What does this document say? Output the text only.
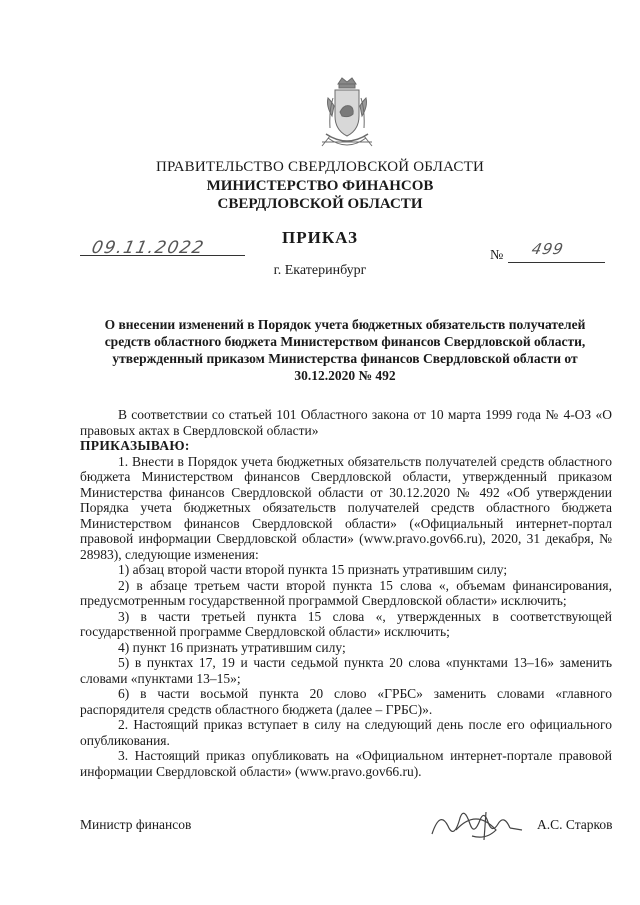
ПРАВИТЕЛЬСТВО СВЕРДЛОВСКОЙ ОБЛАСТИ
МИНИСТЕРСТВО ФИНАНСОВ
СВЕРДЛОВСКОЙ ОБЛАСТИ
ПРИКАЗ
09.11.2022	№ 499
г. Екатеринбург
О внесении изменений в Порядок учета бюджетных обязательств получателей средств областного бюджета Министерством финансов Свердловской области, утвержденный приказом Министерства финансов Свердловской области от 30.12.2020 № 492

В соответствии со статьей 101 Областного закона от 10 марта 1999 года № 4-ОЗ «О правовых актах в Свердловской области»

ПРИКАЗЫВАЮ:

1. Внести в Порядок учета бюджетных обязательств получателей средств областного бюджета Министерством финансов Свердловской области, утвержденный приказом Министерства финансов Свердловской области от 30.12.2020 № 492 «Об утверждении Порядка учета бюджетных обязательств получателей средств областного бюджета Министерством финансов Свердловской области» («Официальный интернет-портал правовой информации Свердловской области» (www.pravo.gov66.ru), 2020, 31 декабря, № 28983), следующие изменения:

1) абзац второй части второй пункта 15 признать утратившим силу;

2) в абзаце третьем части второй пункта 15 слова «, объемам финансирования, предусмотренным государственной программой Свердловской области» исключить;

3) в части третьей пункта 15 слова «, утвержденных в соответствующей государственной программе Свердловской области» исключить;

4) пункт 16 признать утратившим силу;

5) в пунктах 17, 19 и части седьмой пункта 20 слова «пунктами 13–16» заменить словами «пунктами 13–15»;

6) в части восьмой пункта 20 слово «ГРБС» заменить словами «главного распорядителя средств областного бюджета (далее – ГРБС)».

2. Настоящий приказ вступает в силу на следующий день после его официального опубликования.

3. Настоящий приказ опубликовать на «Официальном интернет-портале правовой информации Свердловской области» (www.pravo.gov66.ru).

Министр финансов	А.С. Старков
